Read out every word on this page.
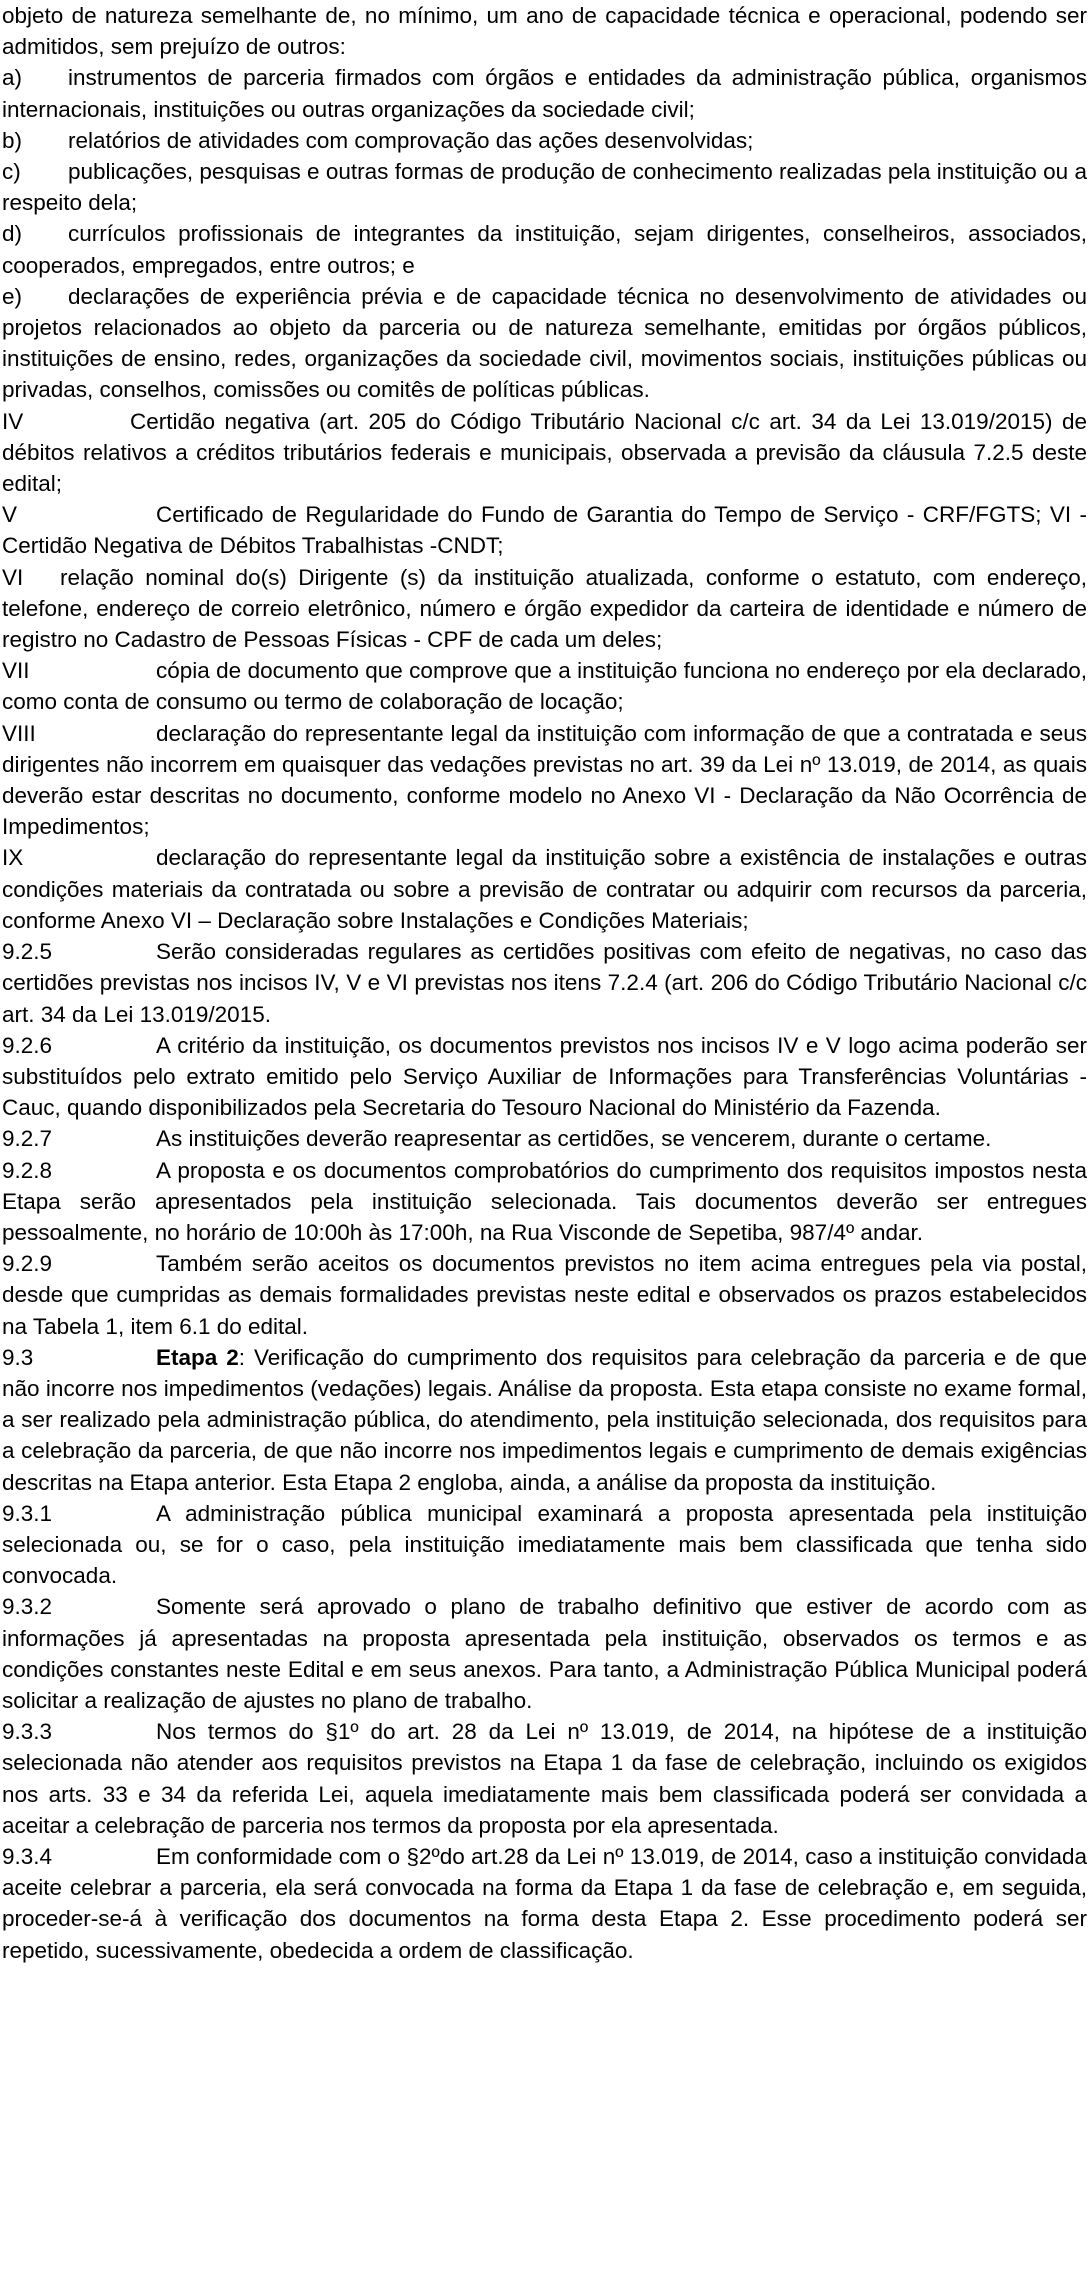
objeto de natureza semelhante de, no mínimo, um ano de capacidade técnica e operacional, podendo ser admitidos, sem prejuízo de outros:

a) instrumentos de parceria firmados com órgãos e entidades da administração pública, organismos internacionais, instituições ou outras organizações da sociedade civil;

b) relatórios de atividades com comprovação das ações desenvolvidas;

c) publicações, pesquisas e outras formas de produção de conhecimento realizadas pela instituição ou a respeito dela;

d) currículos profissionais de integrantes da instituição, sejam dirigentes, conselheiros, associados, cooperados, empregados, entre outros; e

e) declarações de experiência prévia e de capacidade técnica no desenvolvimento de atividades ou projetos relacionados ao objeto da parceria ou de natureza semelhante, emitidas por órgãos públicos, instituições de ensino, redes, organizações da sociedade civil, movimentos sociais, instituições públicas ou privadas, conselhos, comissões ou comitês de políticas públicas.

IV	Certidão negativa (art. 205 do Código Tributário Nacional c/c art. 34 da Lei 13.019/2015) de débitos relativos a créditos tributários federais e municipais, observada a previsão da cláusula 7.2.5 deste edital;

V	Certificado de Regularidade do Fundo de Garantia do Tempo de Serviço - CRF/FGTS; VI - Certidão Negativa de Débitos Trabalhistas -CNDT;

VI relação nominal do(s) Dirigente (s) da instituição atualizada, conforme o estatuto, com endereço, telefone, endereço de correio eletrônico, número e órgão expedidor da carteira de identidade e número de registro no Cadastro de Pessoas Físicas - CPF de cada um deles;

VII	cópia de documento que comprove que a instituição funciona no endereço por ela declarado, como conta de consumo ou termo de colaboração de locação;

VIII	declaração do representante legal da instituição com informação de que a contratada e seus dirigentes não incorrem em quaisquer das vedações previstas no art. 39 da Lei nº 13.019, de 2014, as quais deverão estar descritas no documento, conforme modelo no Anexo VI - Declaração da Não Ocorrência de Impedimentos;

IX	declaração do representante legal da instituição sobre a existência de instalações e outras condições materiais da contratada ou sobre a previsão de contratar ou adquirir com recursos da parceria, conforme Anexo VI – Declaração sobre Instalações e Condições Materiais;

9.2.5	Serão consideradas regulares as certidões positivas com efeito de negativas, no caso das certidões previstas nos incisos IV, V e VI previstas nos itens 7.2.4 (art. 206 do Código Tributário Nacional c/c art. 34 da Lei 13.019/2015.

9.2.6	A critério da instituição, os documentos previstos nos incisos IV e V logo acima poderão ser substituídos pelo extrato emitido pelo Serviço Auxiliar de Informações para Transferências Voluntárias - Cauc, quando disponibilizados pela Secretaria do Tesouro Nacional do Ministério da Fazenda.

9.2.7	As instituições deverão reapresentar as certidões, se vencerem, durante o certame.

9.2.8	A proposta e os documentos comprobatórios do cumprimento dos requisitos impostos nesta Etapa serão apresentados pela instituição selecionada. Tais documentos deverão ser entregues pessoalmente, no horário de 10:00h às 17:00h, na Rua Visconde de Sepetiba, 987/4º andar.

9.2.9	Também serão aceitos os documentos previstos no item acima entregues pela via postal, desde que cumpridas as demais formalidades previstas neste edital e observados os prazos estabelecidos na Tabela 1, item 6.1 do edital.

9.3	Etapa 2: Verificação do cumprimento dos requisitos para celebração da parceria e de que não incorre nos impedimentos (vedações) legais. Análise da proposta. Esta etapa consiste no exame formal, a ser realizado pela administração pública, do atendimento, pela instituição selecionada, dos requisitos para a celebração da parceria, de que não incorre nos impedimentos legais e cumprimento de demais exigências descritas na Etapa anterior. Esta Etapa 2 engloba, ainda, a análise da proposta da instituição.

9.3.1	A administração pública municipal examinará a proposta apresentada pela instituição selecionada ou, se for o caso, pela instituição imediatamente mais bem classificada que tenha sido convocada.

9.3.2	Somente será aprovado o plano de trabalho definitivo que estiver de acordo com as informações já apresentadas na proposta apresentada pela instituição, observados os termos e as condições constantes neste Edital e em seus anexos. Para tanto, a Administração Pública Municipal poderá solicitar a realização de ajustes no plano de trabalho.

9.3.3	Nos termos do §1º do art. 28 da Lei nº 13.019, de 2014, na hipótese de a instituição selecionada não atender aos requisitos previstos na Etapa 1 da fase de celebração, incluindo os exigidos nos arts. 33 e 34 da referida Lei, aquela imediatamente mais bem classificada poderá ser convidada a aceitar a celebração de parceria nos termos da proposta por ela apresentada.

9.3.4	Em conformidade com o §2ºdo art.28 da Lei nº 13.019, de 2014, caso a instituição convidada aceite celebrar a parceria, ela será convocada na forma da Etapa 1 da fase de celebração e, em seguida, proceder-se-á à verificação dos documentos na forma desta Etapa 2. Esse procedimento poderá ser repetido, sucessivamente, obedecida a ordem de classificação.
